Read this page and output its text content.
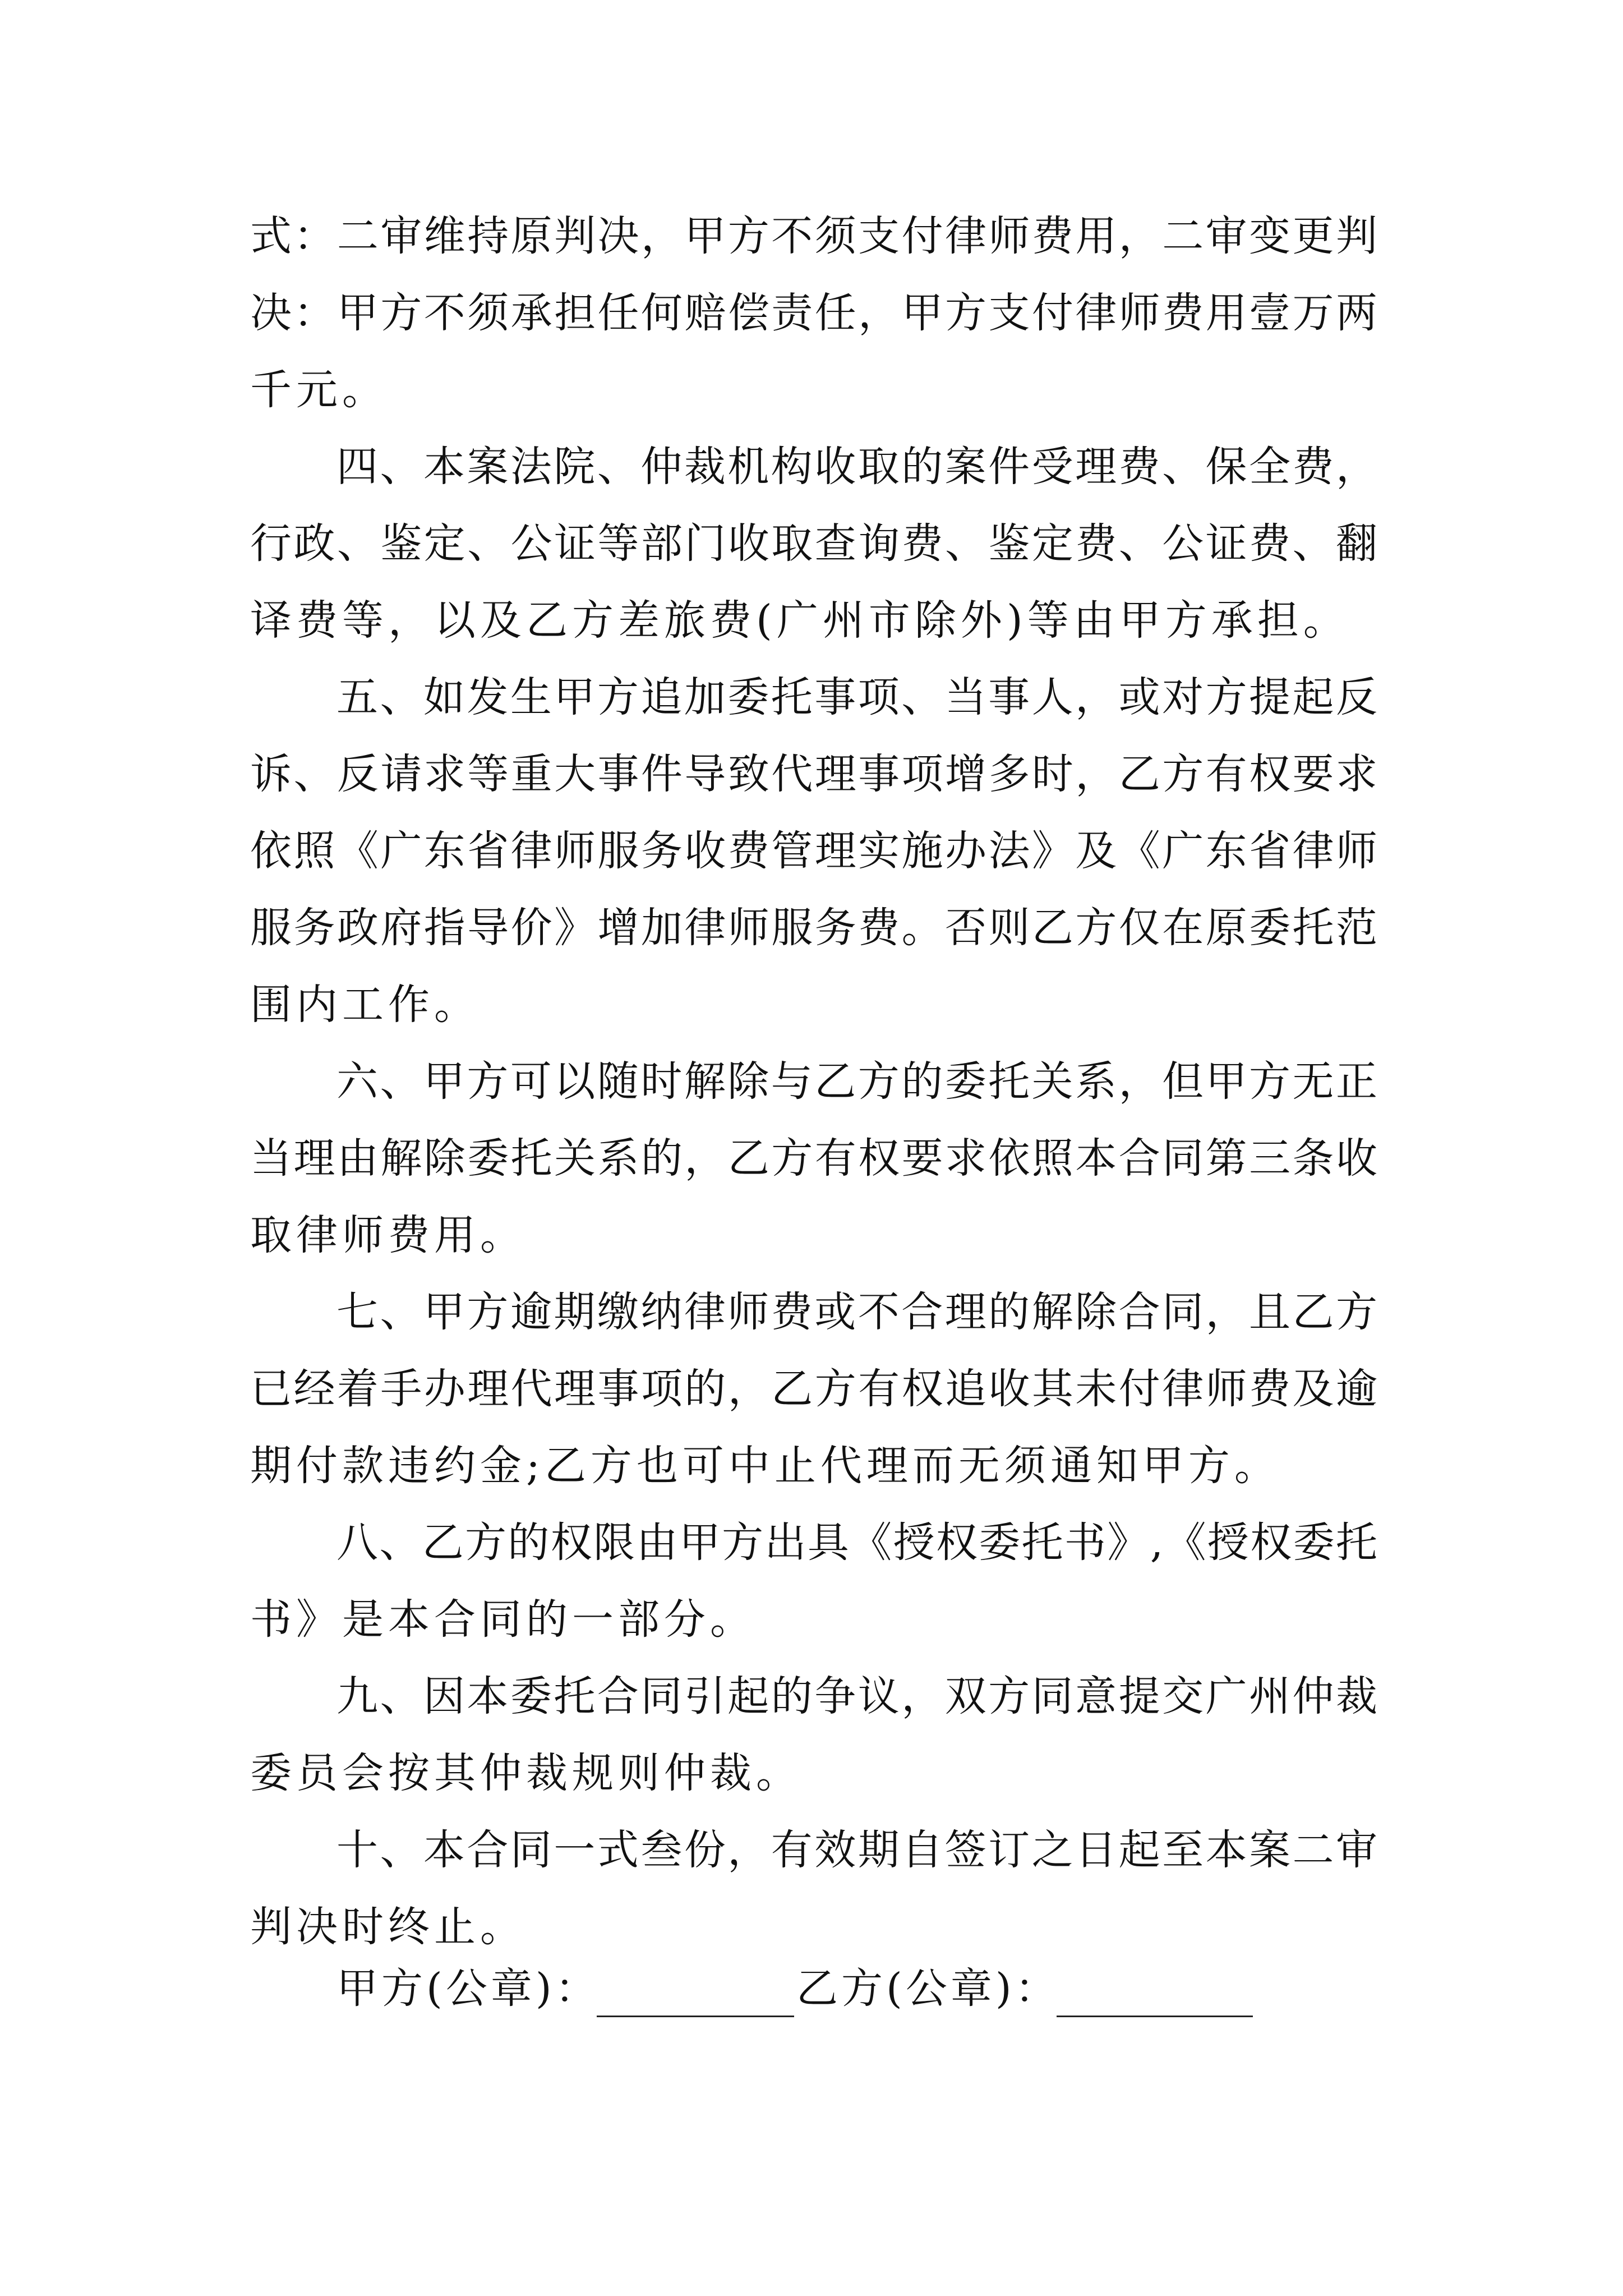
式：二审维持原判决，甲方不须支付律师费用，二审变更判
决：甲方不须承担任何赔偿责任，甲方支付律师费用壹万两
千元。
四、本案法院、仲裁机构收取的案件受理费、保全费，
行政、鉴定、公证等部门收取查询费、鉴定费、公证费、翻
译费等，以及乙方差旅费(广州市除外)等由甲方承担。
五、如发生甲方追加委托事项、当事人，或对方提起反
诉、反请求等重大事件导致代理事项增多时，乙方有权要求
依照《广东省律师服务收费管理实施办法》及《广东省律师
服务政府指导价》增加律师服务费。否则乙方仅在原委托范
围内工作。
六、甲方可以随时解除与乙方的委托关系，但甲方无正
当理由解除委托关系的，乙方有权要求依照本合同第三条收
取律师费用。
七、甲方逾期缴纳律师费或不合理的解除合同，且乙方
已经着手办理代理事项的，乙方有权追收其未付律师费及逾
期付款违约金;乙方也可中止代理而无须通知甲方。
八、乙方的权限由甲方出具《授权委托书》,《授权委托
书》是本合同的一部分。
九、因本委托合同引起的争议，双方同意提交广州仲裁
委员会按其仲裁规则仲裁。
十、本合同一式叁份，有效期自签订之日起至本案二审
判决时终止。
甲方(公章)：	乙方(公章)：
